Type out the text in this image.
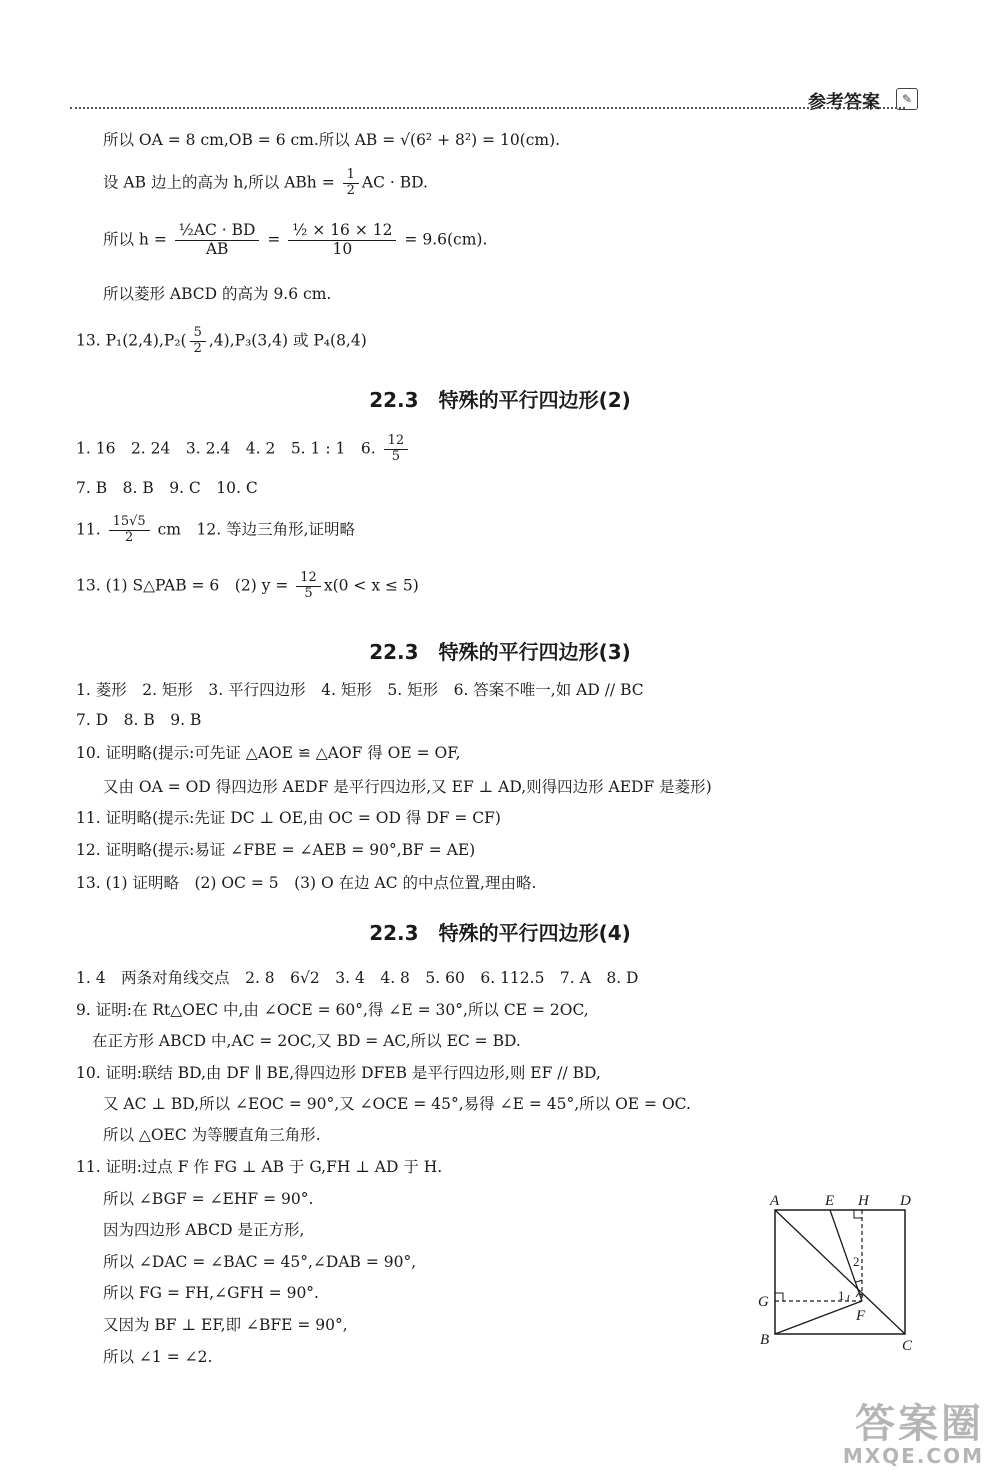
参考答案	✎
所以 OA = 8 cm,OB = 6 cm.所以 AB = √(6² + 8²) = 10(cm).
设 AB 边上的高为 h,所以 ABh = $\frac{1}{2}$ AC · BD.
所以 $h = \frac{\text{½AC · BD}}{AB} = \frac{\text{½ × 16 × 12}}{10} = 9.6(cm)$.
所以菱形 ABCD 的高为 9.6 cm.
13. $P_1(2,4),P_2( \frac{5}{2} ,4),P_3(3,4)$ 或 P₄(8,4)
22.3　特殊的平行四边形(2)
1. 16　2. 24　3. 2.4　4. 2　5. 1 : 1　6. $\frac{12}{5}$
7. B　8. B　9. C　10. C
11. $\frac{15√5}{2}$ cm　12. 等边三角形,证明略
13. (1) S△PAB = 6　(2) $y = \frac{12}{5} x(0 < x \le 5)$
22.3　特殊的平行四边形(3)
1. 菱形　2. 矩形　3. 平行四边形　4. 矩形　5. 矩形　6. 答案不唯一,如 AD // BC
7. D　8. B　9. B
10. 证明略(提示:可先证 △AOE ≌ △AOF 得 OE = OF,
又由 OA = OD 得四边形 AEDF 是平行四边形,又 EF ⊥ AD,则得四边形 AEDF 是菱形)
11. 证明略(提示:先证 DC ⊥ OE,由 OC = OD 得 DF = CF)
12. 证明略(提示:易证 ∠FBE = ∠AEB = 90°,BF = AE)
13. (1) 证明略　(2) OC = 5　(3) O 在边 AC 的中点位置,理由略.
22.3　特殊的平行四边形(4)
1. 4　两条对角线交点　2. 8　6√2　3. 4　4. 8　5. 60　6. 112.5　7. A　8. D
9. 证明:在 Rt△OEC 中,由 ∠OCE = 60°,得 ∠E = 30°,所以 CE = 2OC,
在正方形 ABCD 中,AC = 2OC,又 BD = AC,所以 EC = BD.
10. 证明:联结 BD,由 DF ∥ BE,得四边形 DFEB 是平行四边形,则 EF // BD,
又 AC ⊥ BD,所以 ∠EOC = 90°,又 ∠OCE = 45°,易得 ∠E = 45°,所以 OE = OC.
所以 △OEC 为等腰直角三角形.
11. 证明:过点 F 作 FG ⊥ AB 于 G,FH ⊥ AD 于 H.
所以 ∠BGF = ∠EHF = 90°.
因为四边形 ABCD 是正方形,
所以 ∠DAC = ∠BAC = 45°,∠DAB = 90°,
所以 FG = FH,∠GFH = 90°.
又因为 BF ⊥ EF,即 ∠BFE = 90°,
所以 ∠1 = ∠2.
A	E H D
G
F
B	C
1
2
答案圈
MXQE.COM
